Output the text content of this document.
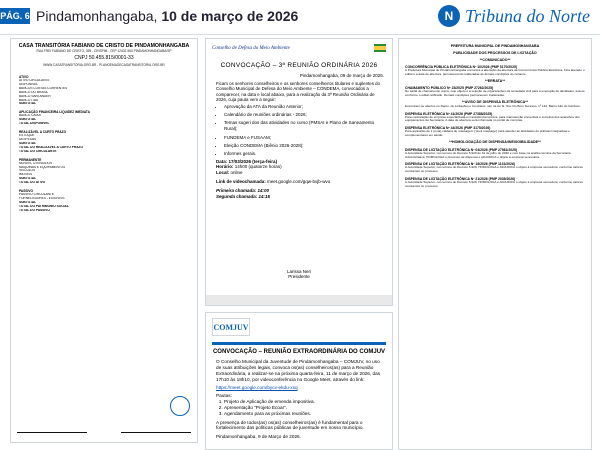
PÁG. 6 Pindamonhangaba, 10 de março de 2026	N Tribuna do Norte
CASA TRANSITÓRIA FABIANO DE CRISTO DE PINDAMONHANGABA
RUA FREI FABIANO DE CRISTO, 395 - CRISPIM - CEP 12402-560 PINDAMONHANGABA/SP
CNPJ 50.455.815/0001-33
WWW.CASATRANSITORIA.ORG.BR - PLANOEMAGECASATRANSITORIA.ORG.BR
ATIVO
ATIVO CIRCULANTE
DISPONÍVEL
BANCOS CONTAS CORRENTES
BANCO DO BRASIL
BANCO SANTANDER
BANCO ITAÚ
SUBTOTAL
APLICAÇÃO FINANCEIRA LIQUIDEZ IMEDIATA
BANCO CAIXA
SUBTOTAL
TOTAL DISPONÍVEL
REALIZÁVEL A CURTO PRAZO
ESTOQUE
DESPESAS
SUBTOTAL
TOTAL DO REALIZÁVEL A CURTO PRAZO
TOTAL DO CIRCULANTE
PERMANENTE
MÓVEIS, UTENSÍLIOS
MÁQUINAS E EQUIPAMENTOS
VEÍCULOS
IMÓVEIS
SUBTOTAL
TOTAL DO ATIVO
PASSIVO
PASSIVO CIRCULANTE
FORNECEDORES - EXIGÍVEIS
SUBTOTAL
TOTAL DO PATRIMÔNIO SOCIAL
TOTAL DO PASSIVO
Conselho de Defesa do Meio Ambiente
CONVOCAÇÃO – 3ª REUNIÃO ORDINÁRIA 2026
Pindamonhangaba, 09 de março de 2026.
Ficam os senhores conselheiros e os senhores conselheiros titulares e suplentes do Conselho Municipal de Defesa do Meio Ambiente – CONDEMA, convocados a comparecer, na data e local abaixo, para a realização da 3ª Reunião Ordinária de 2026, cuja pauta vem a seguir:
• Aprovação da ATA da Reunião Anterior;
• Calendário de reuniões ordinárias - 2026;
• Temas sugeri dos das atividades no curso (PMSAI e Plano de Saneamento Rural);
• FUNDEMA e FUSAAM;
• Eleição CONDEMA (Biênio 2026-2028);
• Informes gerais.
Data: 17/03/2026 (terça-feira)
Horário: 14h00 (quatorze horas)
Local: online
Link de videochamada: meet.google.com/gqw-bvjb-wvo
Primeira chamada: 14:00
Segunda chamada: 14:15
Larissa Neri
Presidente
COMJUV
CONVOCAÇÃO – REUNIÃO EXTRAORDINÁRIA DO COMJUV
O Conselho Municipal da Juventude de Pindamonhangaba – COMJUV, no uso de suas atribuições legais, convoca os(as) conselheiros(as) para a Reunião Extraordinária, a realizar-se na próxima quarta-feira, 11 de março de 2026, das 17h10 às 18h10, por videoconferência no Google Meet, através do link:
https://meet.google.com/bycv-ekdu-xsq
Pautas:
1. Projeto de Aplicação de emenda impositiva.
2. Apresentação “Projeto Ecoar”.
3. Agendamento para as próximas reuniões.
A presença de todos(as) os(as) conselheiros(as) é fundamental para o fortalecimento das políticas públicas de juventude em nosso município.
Pindamonhangaba, 9 de Março de 2026.
PREFEITURA MUNICIPAL DE PINDAMONHANGABA
PUBLICIDADE DOS PROCESSOS DE LICITAÇÃO
**COMUNICADO**
CONCORRÊNCIA PÚBLICA ELETRÔNICA Nº 10/2026 (PMP 5170/2025)
A Prefeitura Municipal de Pindamonhangaba comunica a alteração da abertura da Concorrência Pública Eletrônica. Fica alterado o edital e a data de abertura, permanecendo inalteradas as demais condições do certame.
**ERRATA**
CHAMAMENTO PÚBLICO Nº 23/2025 (PMP 27262/2025)
No edital de chamamento supra, cujo objeto é a seleção de organizações da sociedade civil para a execução de atividades, leia-se conforme o edital retificado. Demais condições permanecem inalteradas.
**AVISO DE DISPENSA ELETRÔNICA**
Encontram-se abertos no Depto. de Licitações e Contratos, sito na Av. N. Sra. Do Bom Sucesso, nº 144, Bairro Alto do Cardoso.
DISPENSA ELETRÔNICA Nº 41/2026 (PMP 27388/2025)
Para contratação de empresa especializada em assistência técnica, para manutenção preventiva e corretiva dos aparelhos dos equipamentos da Secretaria. A data de abertura será informada no portal de compras.
DISPENSA ELETRÔNICA Nº 44/2026 (PMP 3175/2026)
Para aquisição de 1 (uma) caldeira de massagem ('puck massage') para atender as atividades de práticas integrativas e complementares em saúde.
**HOMOLOGAÇÃO DE DISPENSA/INEXIGIBILIDADE**
DISPENSA DE LICITAÇÃO ELETRÔNICA Nº 04/2026 (PMP 27981/2025)
A Autoridade Superior, nos termos do Decreto 5.929 de 31 de julho de 2020 e com base na análise técnica da Secretaria Administrativa, HOMOLOGA o processo de dispensa e ADJUDICA o objeto à empresa vencedora.
DISPENSA DE LICITAÇÃO ELETRÔNICA Nº 18/2026 (PMP 1131/2026)
A Autoridade Superior, nos termos do Decreto 5.929, HOMOLOGA e ADJUDICA o objeto à empresa vencedora, conforme valores constantes no processo.
DISPENSA DE LICITAÇÃO ELETRÔNICA Nº 21/2026 (PMP 2035/2026)
A Autoridade Superior, nos termos do Decreto 5.929, HOMOLOGA e ADJUDICA o objeto à empresa vencedora, conforme valores constantes no processo.
